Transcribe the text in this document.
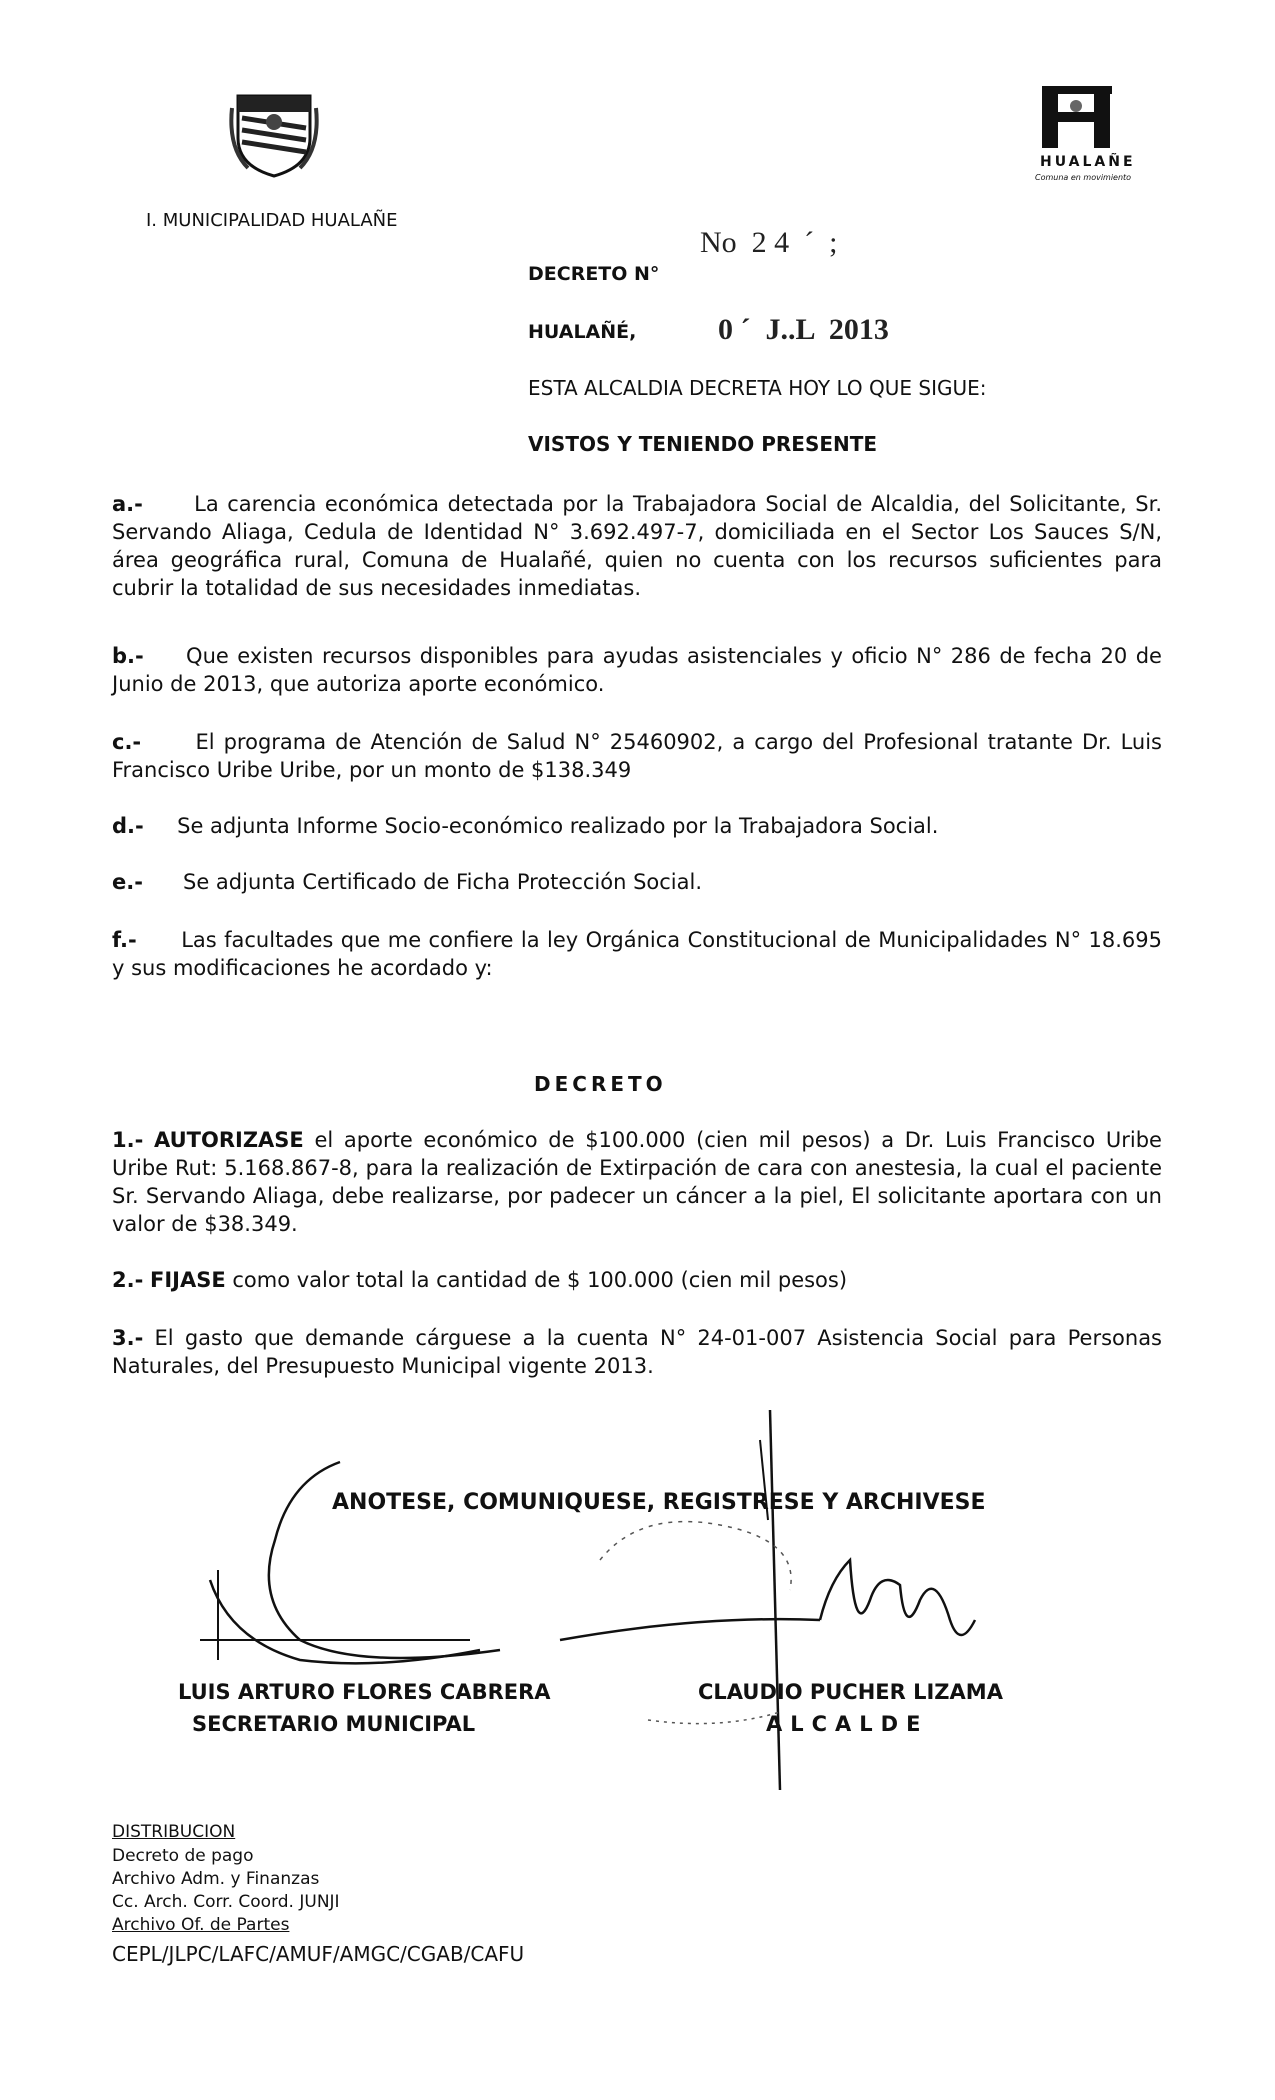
HUALAÑE
Comuna en movimiento
I. MUNICIPALIDAD HUALAÑE
No  2 4  ˊ  ;
DECRETO N°
HUALAÑÉ,	0 ˊ  J..L  2013
ESTA ALCALDIA DECRETA HOY LO QUE SIGUE:
VISTOS Y TENIENDO PRESENTE
a.- La carencia económica detectada por la Trabajadora Social de Alcaldia, del Solicitante, Sr. Servando Aliaga, Cedula de Identidad N° 3.692.497-7, domiciliada en el Sector Los Sauces S/N, área geográfica rural, Comuna de Hualañé, quien no cuenta con los recursos suficientes para cubrir la totalidad de sus necesidades inmediatas.
b.- Que existen recursos disponibles para ayudas asistenciales y oficio N° 286 de fecha 20 de Junio de 2013, que autoriza aporte económico.
c.-	El programa de Atención de Salud N° 25460902, a cargo del Profesional tratante Dr. Luis Francisco Uribe Uribe, por un monto de $138.349
d.- Se adjunta Informe Socio-económico realizado por la Trabajadora Social.
e.- Se adjunta Certificado de Ficha Protección Social.
f.- Las facultades que me confiere la ley Orgánica Constitucional de Municipalidades N° 18.695 y sus modificaciones he acordado y:
DECRETO
1.- AUTORIZASE el aporte económico de $100.000 (cien mil pesos) a Dr. Luis Francisco Uribe Uribe Rut: 5.168.867-8, para la realización de Extirpación de cara con anestesia, la cual el paciente Sr. Servando Aliaga, debe realizarse, por padecer un cáncer a la piel, El solicitante aportara con un valor de $38.349.
2.- FIJASE como valor total la cantidad de $ 100.000 (cien mil pesos)
3.- El gasto que demande cárguese a la cuenta N° 24-01-007 Asistencia Social para Personas Naturales, del Presupuesto Municipal vigente 2013.
ANOTESE, COMUNIQUESE, REGISTRESE Y ARCHIVESE
LUIS ARTURO FLORES CABRERA
SECRETARIO MUNICIPAL
CLAUDIO PUCHER LIZAMA
ALCALDE
DISTRIBUCION
Decreto de pago
Archivo Adm. y Finanzas
Cc. Arch. Corr. Coord. JUNJI
Archivo Of. de Partes
CEPL/JLPC/LAFC/AMUF/AMGC/CGAB/CAFU
